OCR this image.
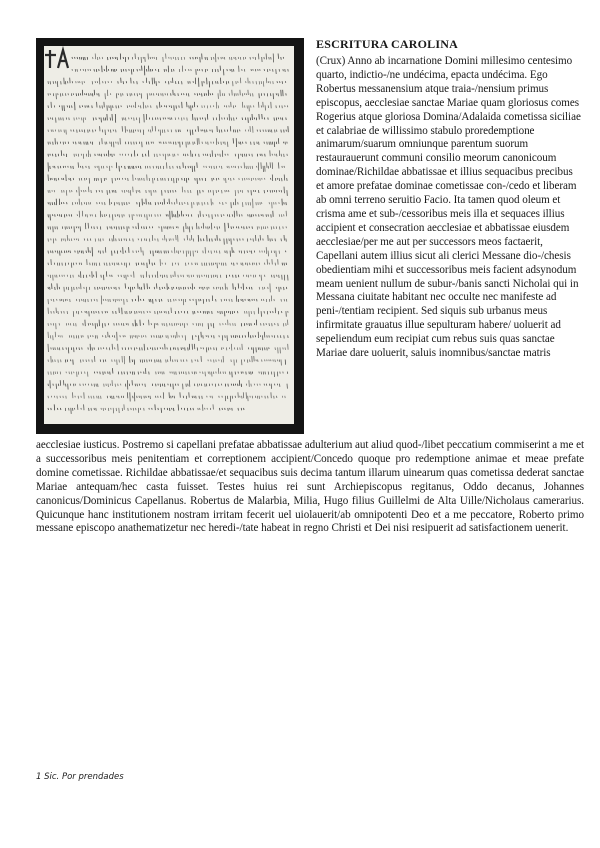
ESCRITURA CAROLINA
(Crux) Anno ab incarnatione Domini millesimo centesimo quarto, indictio-/ne undécima, epacta undécima. Ego Robertus messanensium atque traia-/nensium primus episcopus, aecclesiae sanctae Mariae quam gloriosus comes Rogerius atque gloriosa Domina/Adalaida cometissa siciliae et calabriae de willissimo stabulo proredemptione animarum/suarum omniunque parentum suorum restaurauerunt communi consilio meorum canonicoum dominae/Richildae abbatissae et illius sequacibus precibus et amore prefatae dominae cometissae con-/cedo et liberam ab omni terreno seruitio Facio. Ita tamen quod oleum et crisma ame et sub-/cessoribus meis illa et sequaces illius accipient et consecration aecclesiae et abbatissae eiusdem aecclesiae/per me aut per successors meos factaerit, Capellani autem illius sicut ali clerici Messane dio-/chesis obedientiam mihi et successoribus meis facient adsynodum meam uenient nullum de subur-/banis sancti Nicholai qui in Messana ciuitate habitant nec occulte nec manifeste ad peni-/tentiam recipient. Sed siquis sub urbanus meus infirmitate grauatus illue sepulturam habere/ uoluerit ad sepeliendum eum recipiat cum rebus suis quas sanctae Mariae dare uoluerit, saluis inomnibus/sanctae matris
aecclesiae iusticus. Postremo si capellani prefatae abbatissae adulterium aut aliud quod-/libet peccatium commiserint a me et a successoribus meis penitentiam et correptionem accipient/Concedo quoque pro redemptione animae et meae prefate domine cometissae. Richildae abbatissae/et sequacibus suis decima tantum illarum uinearum quas cometissa dederat sanctae Mariae antequam/hec casta fuisset. Testes huius rei sunt Archiepiscopus regitanus, Oddo decanus, Johannes canonicus/Dominicus Capellanus. Robertus de Malarbia, Milia, Hugo filius Guillelmi de Alta Uille/Nicholaus camerarius. Quicunque hanc institutionem nostram irritam fecerit uel uiolauerit/ab omnipotenti Deo et a me peccatore, Roberto primo messane episcopo anathematizetur nec heredi-/tate habeat in regno Christi et Dei nisi resipuerit ad satisfactionem uenerit.
1 Sic. Por prendades
